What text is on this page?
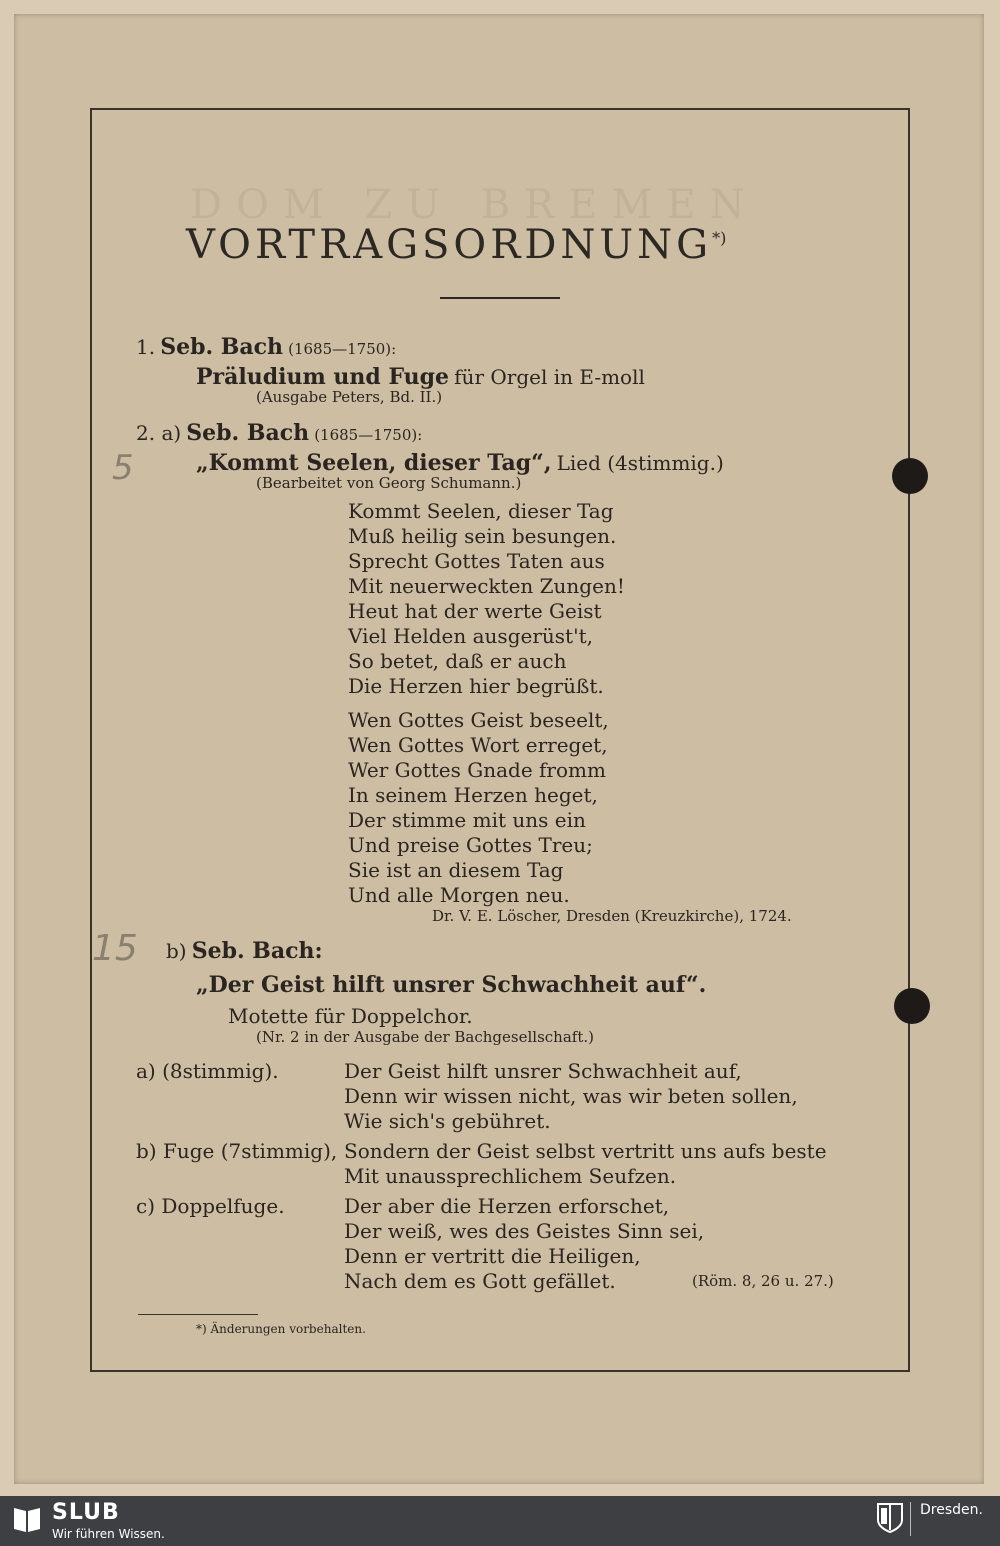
DOM ZU BREMEN
VORTRAGSORDNUNG*)
1. Seb. Bach (1685—1750):
Präludium und Fuge für Orgel in E-moll
(Ausgabe Peters, Bd. II.)
2. a) Seb. Bach (1685—1750):
5	„Kommt Seelen, dieser Tag“, Lied (4stimmig.)
(Bearbeitet von Georg Schumann.)
Kommt Seelen, dieser Tag
Muß heilig sein besungen.
Sprecht Gottes Taten aus
Mit neuerweckten Zungen!
Heut hat der werte Geist
Viel Helden ausgerüst't,
So betet, daß er auch
Die Herzen hier begrüßt.
Wen Gottes Geist beseelt,
Wen Gottes Wort erreget,
Wer Gottes Gnade fromm
In seinem Herzen heget,
Der stimme mit uns ein
Und preise Gottes Treu;
Sie ist an diesem Tag
Und alle Morgen neu.
Dr. V. E. Löscher, Dresden (Kreuzkirche), 1724.
15 b) Seb. Bach:
„Der Geist hilft unsrer Schwachheit auf“.
Motette für Doppelchor.
(Nr. 2 in der Ausgabe der Bachgesellschaft.)
a) (8stimmig).	Der Geist hilft unsrer Schwachheit auf,
Denn wir wissen nicht, was wir beten sollen,
Wie sich's gebühret.
b) Fuge (7stimmig), Sondern der Geist selbst vertritt uns aufs beste
Mit unaussprechlichem Seufzen.
c) Doppelfuge.	Der aber die Herzen erforschet,
Der weiß, wes des Geistes Sinn sei,
Denn er vertritt die Heiligen,
Nach dem es Gott gefället.	(Röm. 8, 26 u. 27.)
*) Änderungen vorbehalten.
SLUB
Wir führen Wissen.
Dresden.
